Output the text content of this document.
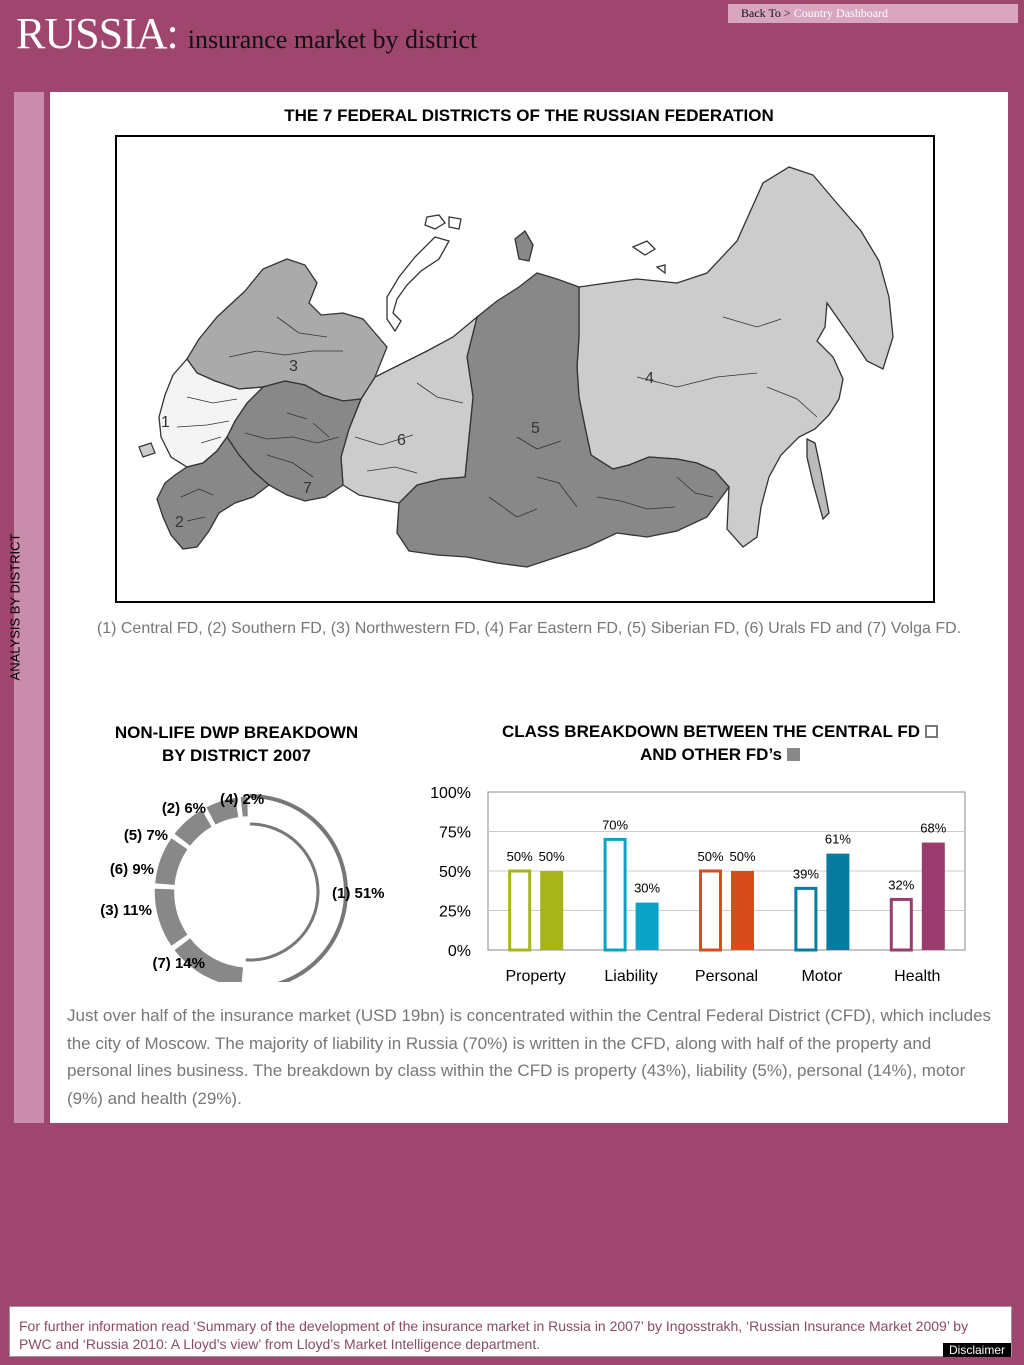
RUSSIA: insurance market by district
Back To > Country Dashboard
ANALYSIS BY DISTRICT
THE 7 FEDERAL DISTRICTS OF THE RUSSIAN FEDERATION
1
2
3
4
5
6
7
(1) Central FD, (2) Southern FD, (3) Northwestern FD, (4) Far Eastern FD, (5) Siberian FD, (6) Urals FD and (7) Volga FD.
NON-LIFE DWP BREAKDOWN
BY DISTRICT 2007
CLASS BREAKDOWN BETWEEN THE CENTRAL FD
AND OTHER FD’s
(1) 51%
(7) 14%
(3) 11%
(6) 9%
(5) 7%
(2) 6%
(4) 2%
0%
25%
50%
75%
100%
50% 50%
Property
70%
30%
Liability
50% 50%
Personal
39%
61%
Motor
32%
68%
Health
Just over half of the insurance market (USD 19bn) is concentrated within the Central Federal District (CFD), which includes the city of Moscow. The majority of liability in Russia (70%) is written in the CFD, along with half of the property and personal lines business. The breakdown by class within the CFD is property (43%), liability (5%), personal (14%), motor (9%) and health (29%).
For further information read ‘Summary of the development of the insurance market in Russia in 2007’ by Ingosstrakh, ‘Russian Insurance Market 2009’ by PWC and ‘Russia 2010: A Lloyd’s view’ from Lloyd’s Market Intelligence department.	Disclaimer
